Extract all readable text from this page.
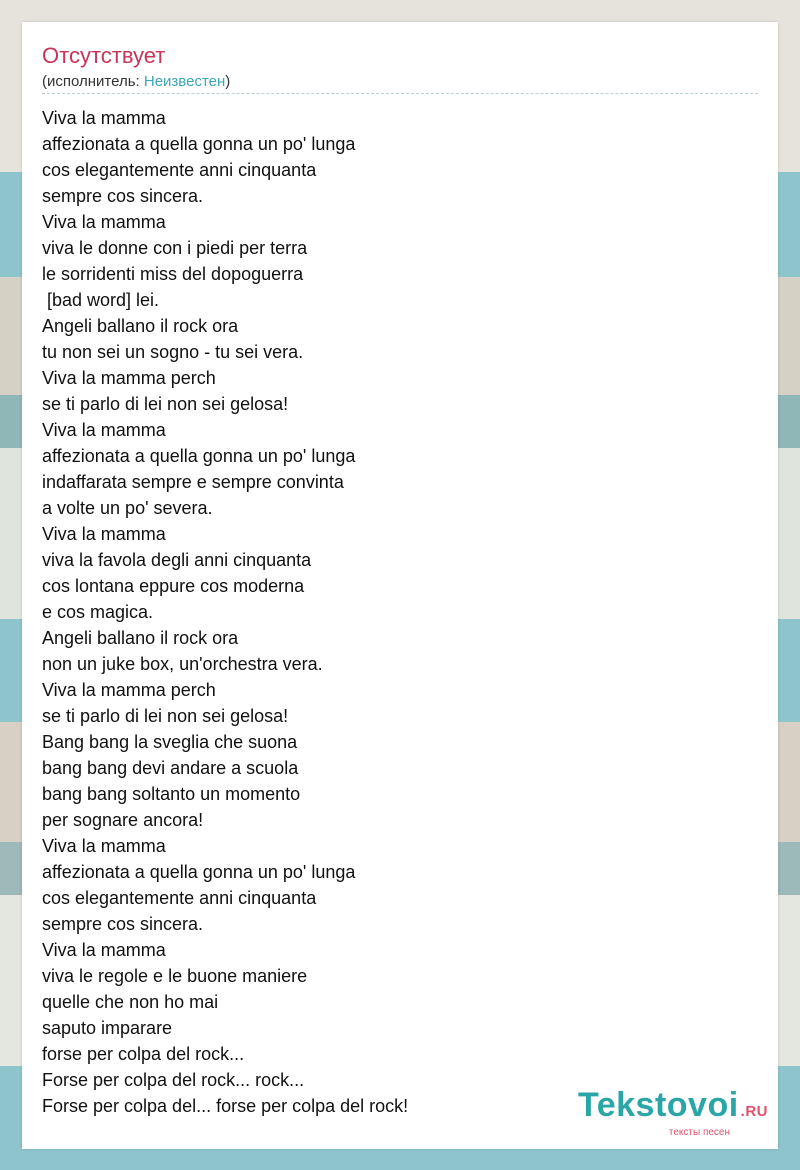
Отсутствует
(исполнитель: Неизвестен)
Viva la mamma
affezionata a quella gonna un po' lunga
cos elegantemente anni cinquanta
sempre cos sincera.
Viva la mamma
viva le donne con i piedi per terra
le sorridenti miss del dopoguerra
[bad word] lei.
Angeli ballano il rock ora
tu non sei un sogno - tu sei vera.
Viva la mamma perch
se ti parlo di lei non sei gelosa!
Viva la mamma
affezionata a quella gonna un po' lunga
indaffarata sempre e sempre convinta
a volte un po' severa.
Viva la mamma
viva la favola degli anni cinquanta
cos lontana eppure cos moderna
e cos magica.
Angeli ballano il rock ora
non un juke box, un'orchestra vera.
Viva la mamma perch
se ti parlo di lei non sei gelosa!
Bang bang la sveglia che suona
bang bang devi andare a scuola
bang bang soltanto un momento
per sognare ancora!
Viva la mamma
affezionata a quella gonna un po' lunga
cos elegantemente anni cinquanta
sempre cos sincera.
Viva la mamma
viva le regole e le buone maniere
quelle che non ho mai
saputo imparare
forse per colpa del rock...
Forse per colpa del rock... rock...
Forse per colpa del... forse per colpa del rock!	Tekstovoi .RU
тексты песен
